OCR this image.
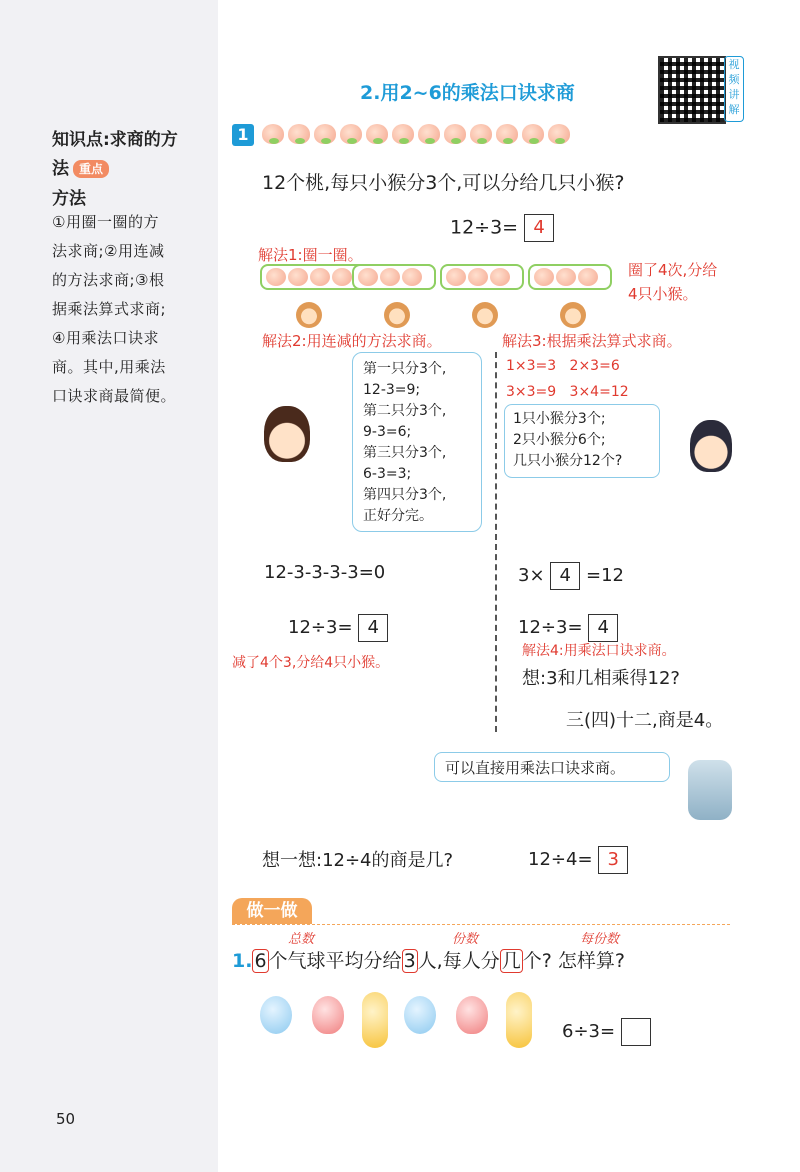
知识点:求商的方
法 重点
方法
①用圈一圈的方
法求商;②用连减
的方法求商;③根
据乘法算式求商;
④用乘法口诀求
商。其中,用乘法
口诀求商最简便。
2.用2~6的乘法口诀求商
视频讲解
1
12个桃,每只小猴分3个,可以分给几只小猴?
12÷3= 4
解法1:圈一圈。
圈了4次,分给
4只小猴。
解法2:用连减的方法求商。
第一只分3个,
12-3=9;
第二只分3个,
9-3=6;
第三只分3个,
6-3=3;
第四只分3个,
正好分完。
12-3-3-3-3=0
12÷3= 4
减了4个3,分给4只小猴。
解法3:根据乘法算式求商。
1×3=3 2×3=6
3×3=9 3×4=12
1只小猴分3个;
2只小猴分6个;
几只小猴分12个?
3× 4 =12
12÷3= 4
解法4:用乘法口诀求商。
想:3和几相乘得12?
三(四)十二,商是4。
可以直接用乘法口诀求商。
想一想:12÷4的商是几?	12÷4= 3
做一做
总数	份数	每份数
1. 6 个气球平均分给 3 人,每人分 几 个? 怎样算?
6÷3=
50
